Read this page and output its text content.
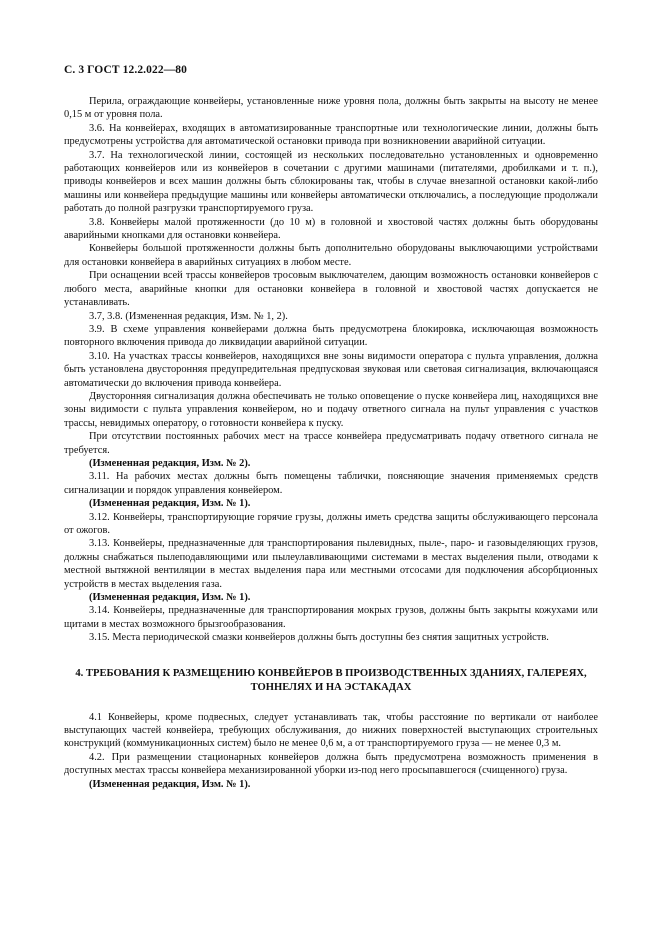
С. 3 ГОСТ 12.2.022—80

Перила, ограждающие конвейеры, установленные ниже уровня пола, должны быть закрыты на высоту не менее 0,15 м от уровня пола.

3.6. На конвейерах, входящих в автоматизированные транспортные или технологические линии, должны быть предусмотрены устройства для автоматической остановки привода при возникновении аварийной ситуации.

3.7. На технологической линии, состоящей из нескольких последовательно установленных и одновременно работающих конвейеров или из конвейеров в сочетании с другими машинами (питателями, дробилками и т. п.), приводы конвейеров и всех машин должны быть сблокированы так, чтобы в случае внезапной остановки какой-либо машины или конвейера предыдущие машины или конвейеры автоматически отключались, а последующие продолжали работать до полной разгрузки транспортируемого груза.

3.8. Конвейеры малой протяженности (до 10 м) в головной и хвостовой частях должны быть оборудованы аварийными кнопками для остановки конвейера.

Конвейеры большой протяженности должны быть дополнительно оборудованы выключающими устройствами для остановки конвейера в аварийных ситуациях в любом месте.

При оснащении всей трассы конвейеров тросовым выключателем, дающим возможность остановки конвейеров с любого места, аварийные кнопки для остановки конвейера в головной и хвостовой частях допускается не устанавливать.

3.7, 3.8. (Измененная редакция, Изм. № 1, 2).

3.9. В схеме управления конвейерами должна быть предусмотрена блокировка, исключающая возможность повторного включения привода до ликвидации аварийной ситуации.

3.10. На участках трассы конвейеров, находящихся вне зоны видимости оператора с пульта управления, должна быть установлена двусторонняя предупредительная предпусковая звуковая или световая сигнализация, включающаяся автоматически до включения привода конвейера.

Двусторонняя сигнализация должна обеспечивать не только оповещение о пуске конвейера лиц, находящихся вне зоны видимости с пульта управления конвейером, но и подачу ответного сигнала на пульт управления с участков трассы, невидимых оператору, о готовности конвейера к пуску.

При отсутствии постоянных рабочих мест на трассе конвейера предусматривать подачу ответного сигнала не требуется.

(Измененная редакция, Изм. № 2).

3.11. На рабочих местах должны быть помещены таблички, поясняющие значения применяемых средств сигнализации и порядок управления конвейером.

(Измененная редакция, Изм. № 1).

3.12. Конвейеры, транспортирующие горячие грузы, должны иметь средства защиты обслуживающего персонала от ожогов.

3.13. Конвейеры, предназначенные для транспортирования пылевидных, пыле-, паро- и газовыделяющих грузов, должны снабжаться пылеподавляющими или пылеулавливающими системами в местах выделения пыли, отводами к местной вытяжной вентиляции в местах выделения пара или местными отсосами для подключения абсорбционных устройств в местах выделения газа.

(Измененная редакция, Изм. № 1).

3.14. Конвейеры, предназначенные для транспортирования мокрых грузов, должны быть закрыты кожухами или щитами в местах возможного брызгообразования.

3.15. Места периодической смазки конвейеров должны быть доступны без снятия защитных устройств.

4. ТРЕБОВАНИЯ К РАЗМЕЩЕНИЮ КОНВЕЙЕРОВ В ПРОИЗВОДСТВЕННЫХ ЗДАНИЯХ, ГАЛЕРЕЯХ, ТОННЕЛЯХ И НА ЭСТАКАДАХ

4.1 Конвейеры, кроме подвесных, следует устанавливать так, чтобы расстояние по вертикали от наиболее выступающих частей конвейера, требующих обслуживания, до нижних поверхностей выступающих строительных конструкций (коммуникационных систем) было не менее 0,6 м, а от транспортируемого груза — не менее 0,3 м.

4.2. При размещении стационарных конвейеров должна быть предусмотрена возможность применения в доступных местах трассы конвейера механизированной уборки из-под него просыпавшегося (счищенного) груза.

(Измененная редакция, Изм. № 1).
